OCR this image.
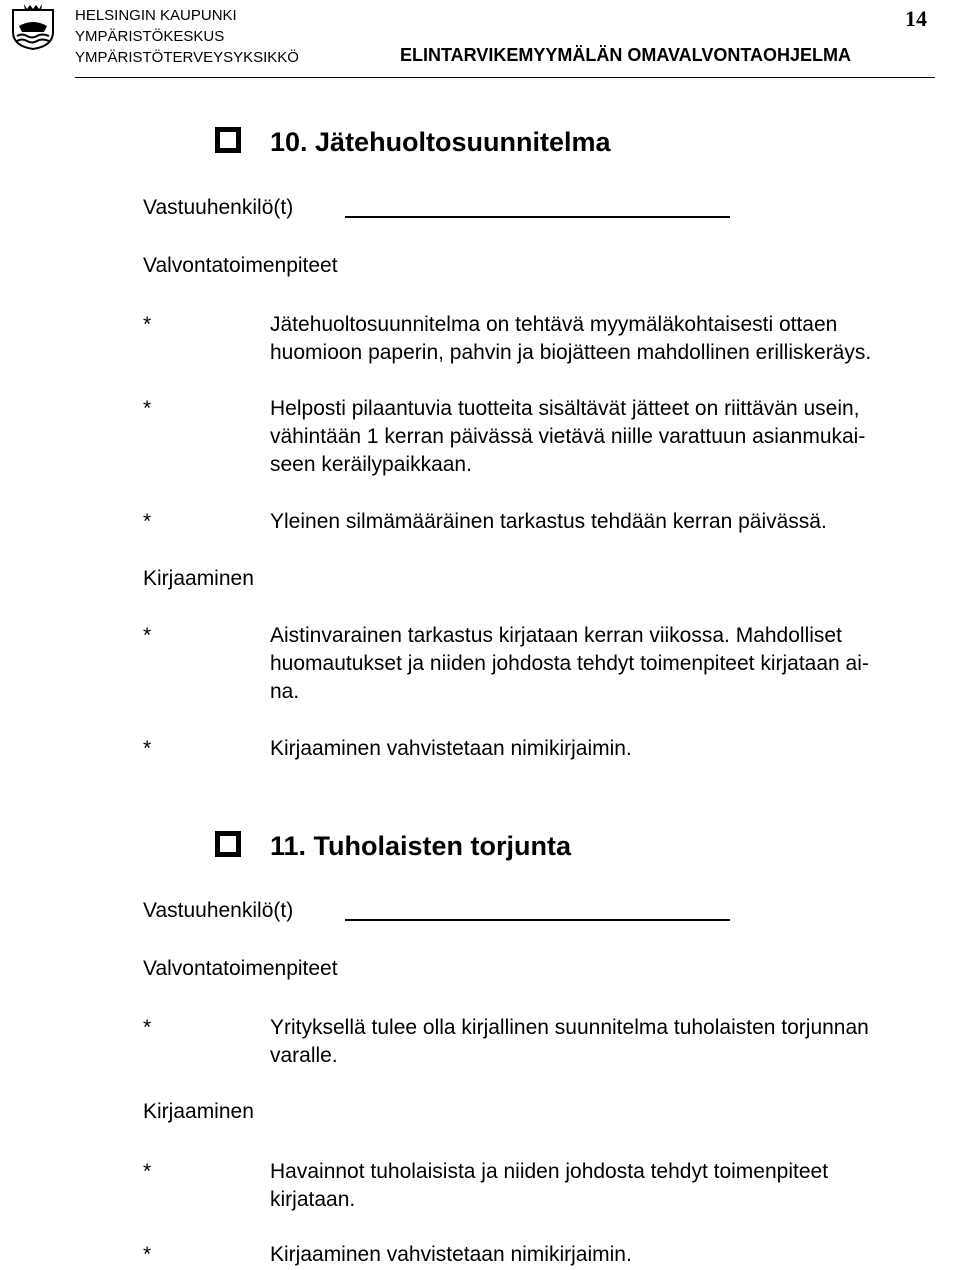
HELSINGIN KAUPUNKI
YMPÄRISTÖKESKUS
YMPÄRISTÖTERVEYSYKSIKKÖ
14
ELINTARVIKEMYYMÄLÄN OMAVALVONTAOHJELMA
10. Jätehuoltosuunnitelma
Vastuuhenkilö(t)
Valvontatoimenpiteet
*	Jätehuoltosuunnitelma on tehtävä myymäläkohtaisesti ottaen
huomioon paperin, pahvin ja biojätteen mahdollinen erilliskeräys.
*	Helposti pilaantuvia tuotteita sisältävät jätteet on riittävän usein,
vähintään 1 kerran päivässä vietävä niille varattuun asianmukai-
seen keräilypaikkaan.
*	Yleinen silmämääräinen tarkastus tehdään kerran päivässä.
Kirjaaminen
*	Aistinvarainen tarkastus kirjataan kerran viikossa. Mahdolliset
huomautukset ja niiden johdosta tehdyt toimenpiteet kirjataan ai-
na.
*	Kirjaaminen vahvistetaan nimikirjaimin.
11. Tuholaisten torjunta
Vastuuhenkilö(t)
Valvontatoimenpiteet
*	Yrityksellä tulee olla kirjallinen suunnitelma tuholaisten torjunnan
varalle.
Kirjaaminen
*	Havainnot tuholaisista ja niiden johdosta tehdyt toimenpiteet
kirjataan.
*	Kirjaaminen vahvistetaan nimikirjaimin.
